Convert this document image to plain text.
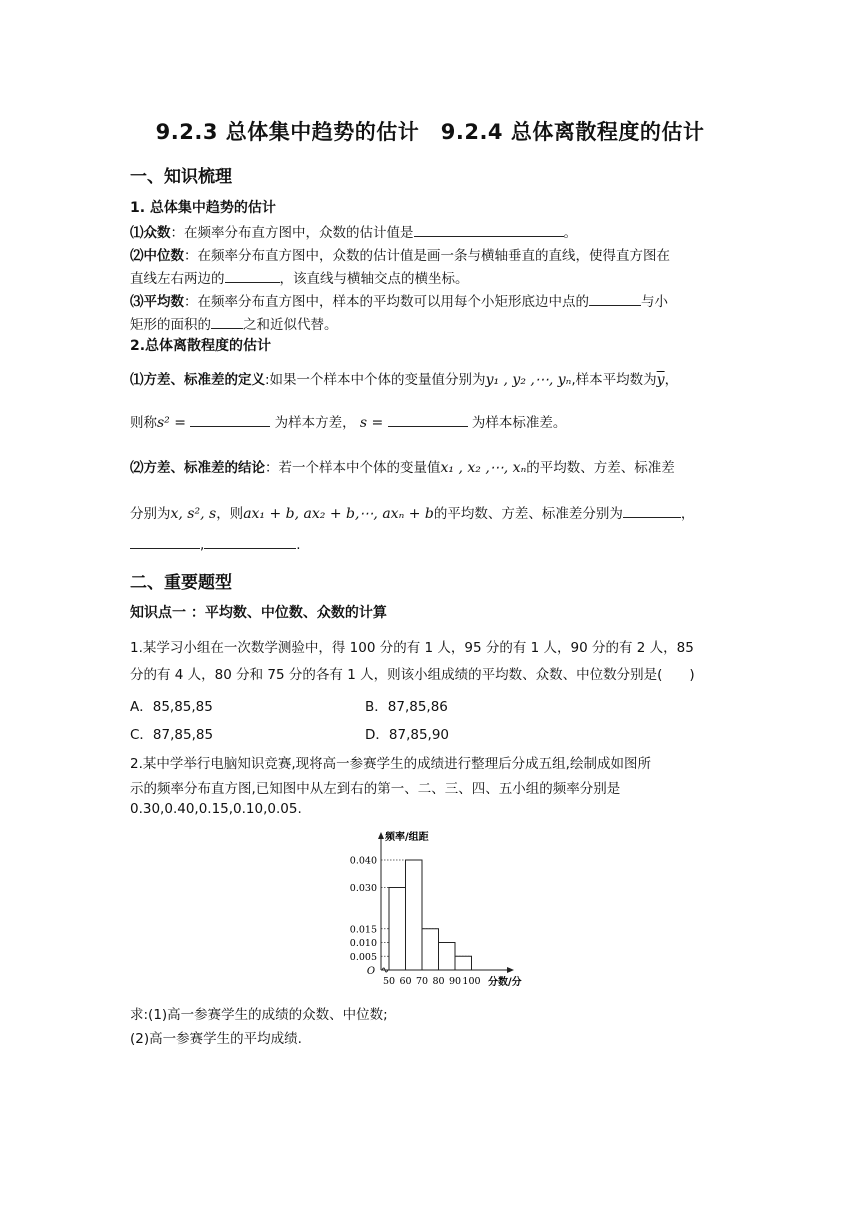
9.2.3 总体集中趋势的估计　9.2.4 总体离散程度的估计
一、知识梳理
1. 总体集中趋势的估计
⑴众数：在频率分布直方图中，众数的估计值是	。
⑵中位数：在频率分布直方图中，众数的估计值是画一条与横轴垂直的直线，使得直方图在
直线左右两边的	，该直线与横轴交点的横坐标。
⑶平均数：在频率分布直方图中，样本的平均数可以用每个小矩形底边中点的	与小
矩形的面积的 之和近似代替。
2.总体离散程度的估计
⑴方差、标准差的定义:如果一个样本中个体的变量值分别为y₁ , y₂ ,⋯, yₙ,样本平均数为$\overline{y}$，
则称s² =	为样本方差， s =	为样本标准差。
⑵方差、标准差的结论：若一个样本中个体的变量值x₁ , x₂ ,⋯, xₙ的平均数、方差、标准差
分别为x, s², s，则ax₁ + b, ax₂ + b,⋯, axₙ + b的平均数、方差、标准差分别为	，
,	.
二、重要题型
知识点一 ：平均数、中位数、众数的计算
1.某学习小组在一次数学测验中，得 100 分的有 1 人，95 分的有 1 人，90 分的有 2 人，85
分的有 4 人，80 分和 75 分的各有 1 人，则该小组成绩的平均数、众数、中位数分别是(　　)
A．85,85,85	B．87,85,86
C．87,85,85	D．87,85,90
2.某中学举行电脑知识竞赛,现将高一参赛学生的成绩进行整理后分成五组,绘制成如图所
示的频率分布直方图,已知图中从左到右的第一、二、三、四、五小组的频率分别是
0.30,0.40,0.15,0.10,0.05.
0.040
0.030
0.015
0.010
0.005
50 60 70 80 90 100
O
频率/组距
分数/分
求:(1)高一参赛学生的成绩的众数、中位数;
(2)高一参赛学生的平均成绩.
